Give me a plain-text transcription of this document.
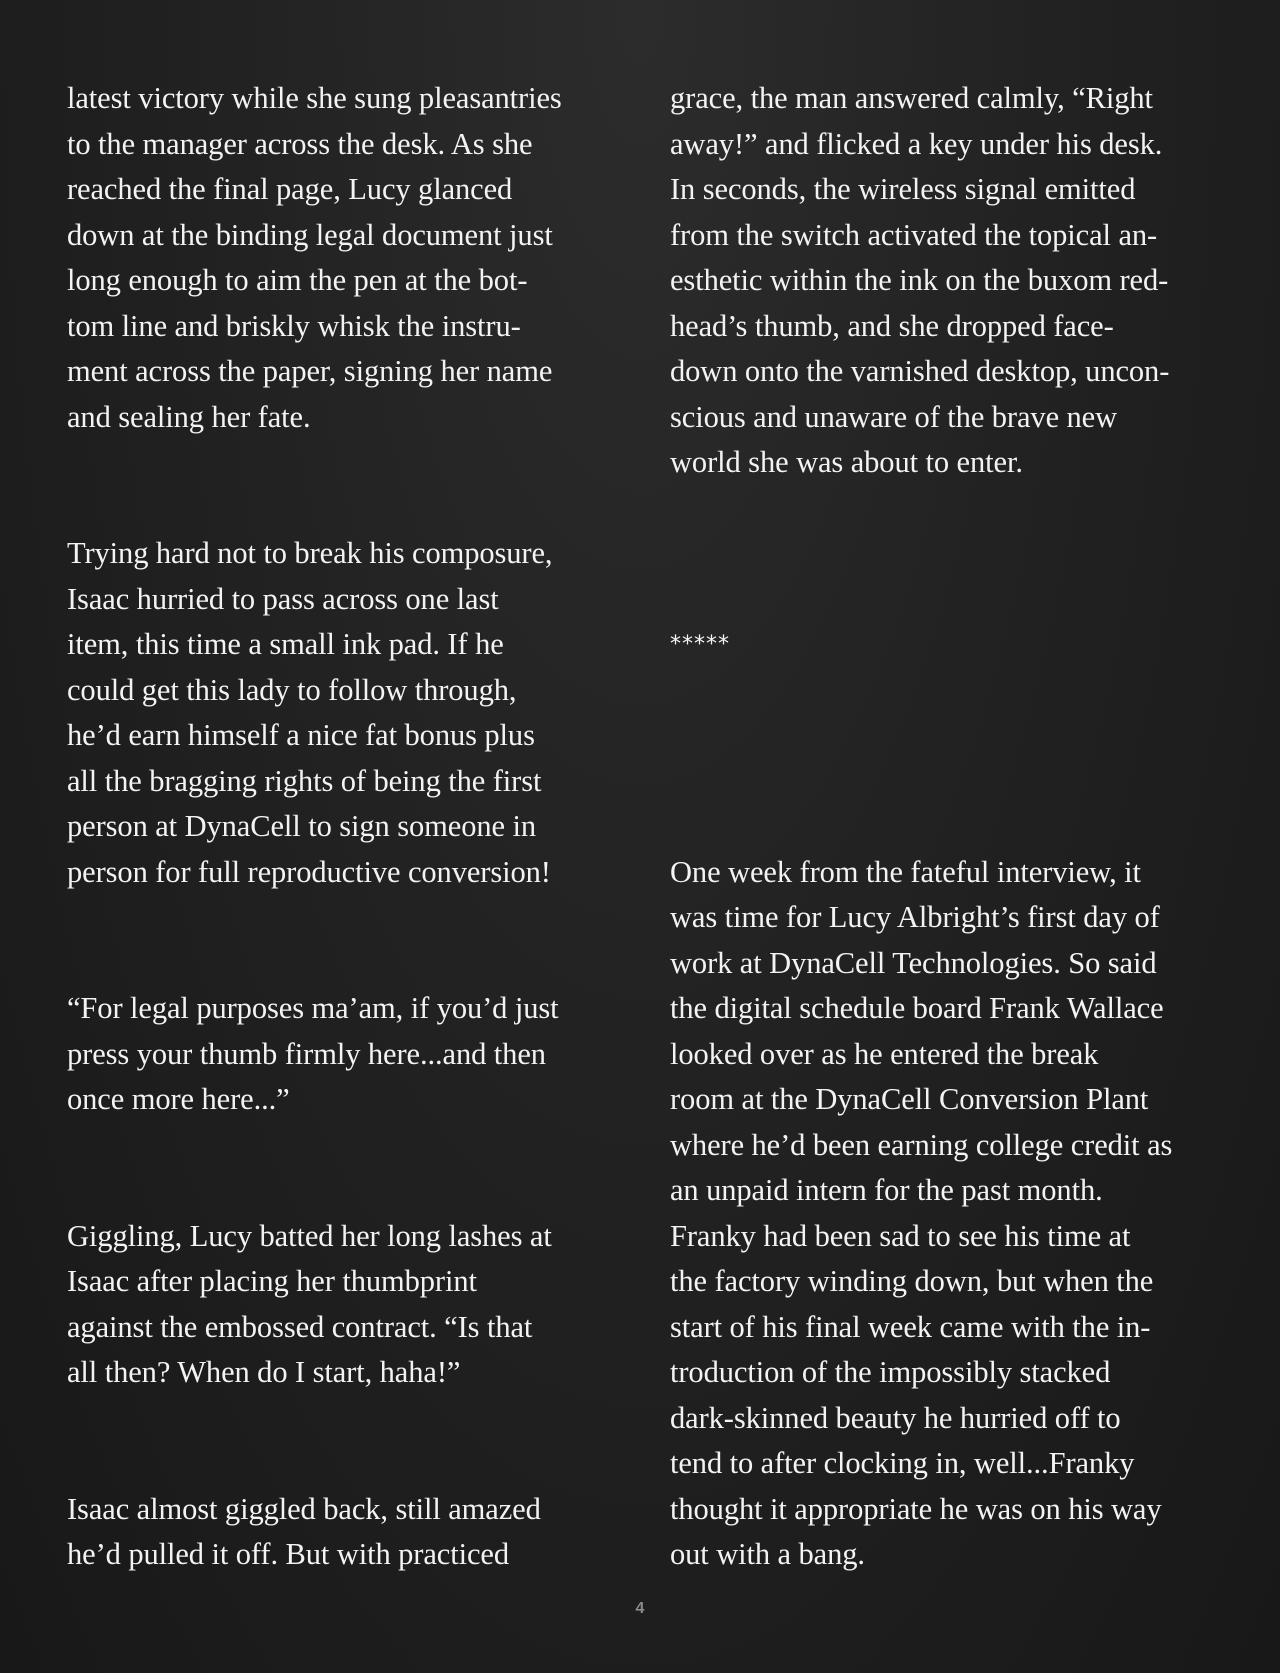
latest victory while she sung pleasantries
to the manager across the desk. As she
reached the final page, Lucy glanced
down at the binding legal document just
long enough to aim the pen at the bot-
tom line and briskly whisk the instru-
ment across the paper, signing her name
and sealing her fate.

Trying hard not to break his composure,
Isaac hurried to pass across one last
item, this time a small ink pad. If he
could get this lady to follow through,
he’d earn himself a nice fat bonus plus
all the bragging rights of being the first
person at DynaCell to sign someone in
person for full reproductive conversion!

“For legal purposes ma’am, if you’d just
press your thumb firmly here...and then
once more here...”

Giggling, Lucy batted her long lashes at
Isaac after placing her thumbprint
against the embossed contract. “Is that
all then? When do I start, haha!”

Isaac almost giggled back, still amazed
he’d pulled it off. But with practiced

grace, the man answered calmly, “Right
away!” and flicked a key under his desk.
In seconds, the wireless signal emitted
from the switch activated the topical an-
esthetic within the ink on the buxom red-
head’s thumb, and she dropped face-
down onto the varnished desktop, uncon-
scious and unaware of the brave new
world she was about to enter.

*****

One week from the fateful interview, it
was time for Lucy Albright’s first day of
work at DynaCell Technologies. So said
the digital schedule board Frank Wallace
looked over as he entered the break
room at the DynaCell Conversion Plant
where he’d been earning college credit as
an unpaid intern for the past month.
Franky had been sad to see his time at
the factory winding down, but when the
start of his final week came with the in-
troduction of the impossibly stacked
dark-skinned beauty he hurried off to
tend to after clocking in, well...Franky
thought it appropriate he was on his way
out with a bang.

4
